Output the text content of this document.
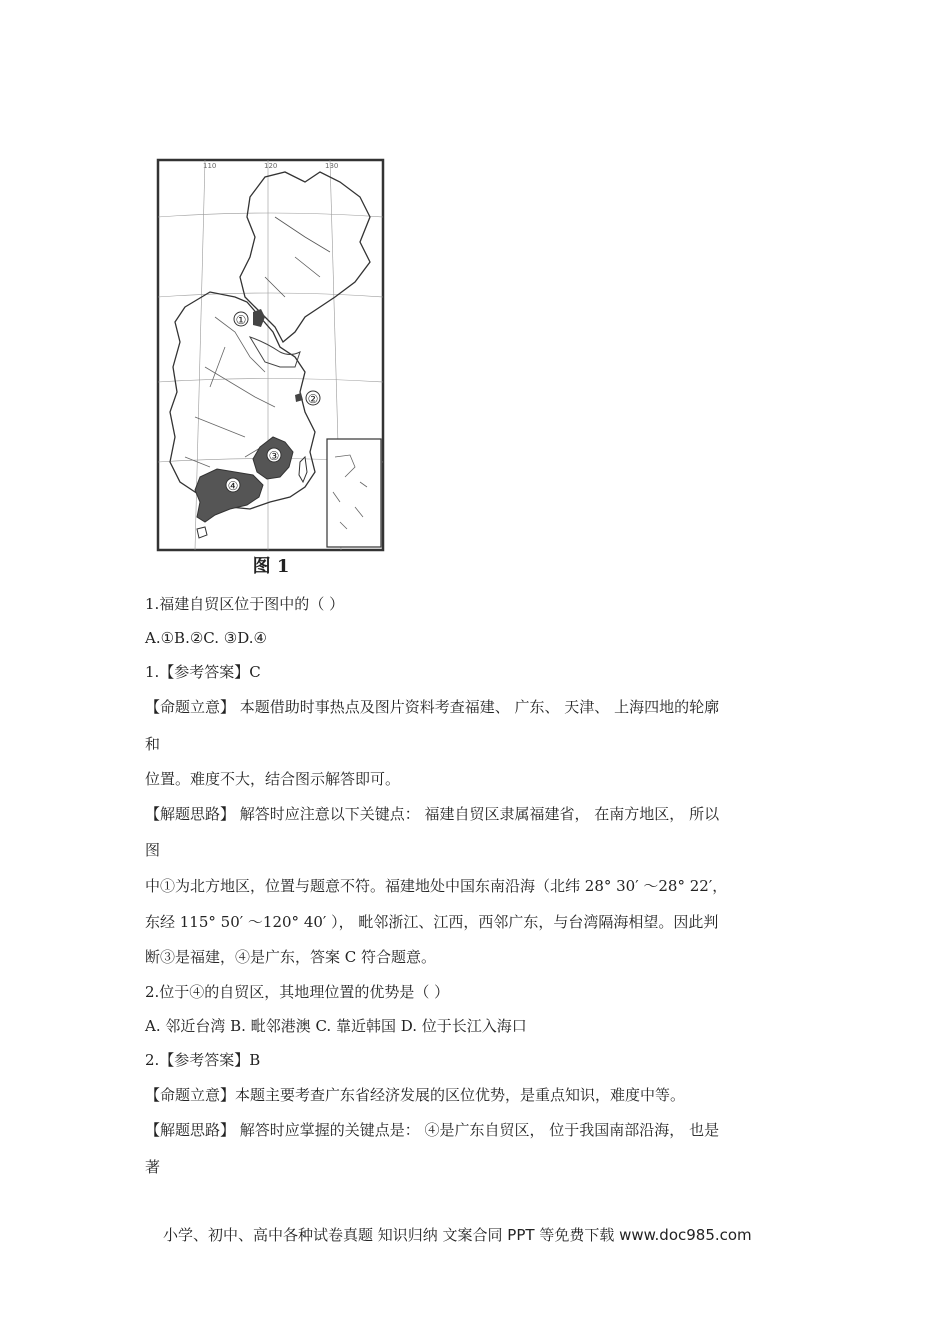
110	120	130
①
②
③
④
图 1
1.福建自贸区位于图中的（ ）
A.①B.②C. ③D.④
1.【参考答案】C
【命题立意】 本题借助时事热点及图片资料考查福建、 广东、 天津、 上海四地的轮廓
和
位置。难度不大，结合图示解答即可。
【解题思路】 解答时应注意以下关键点： 福建自贸区隶属福建省， 在南方地区， 所以
图
中①为北方地区，位置与题意不符。福建地处中国东南沿海（北纬 28° 30′ ～28° 22′，
东经 115° 50′ ～120° 40′ ）， 毗邻浙江、江西，西邻广东，与台湾隔海相望。因此判
断③是福建，④是广东，答案 C 符合题意。
2.位于④的自贸区，其地理位置的优势是（ ）
A. 邻近台湾 B. 毗邻港澳 C. 靠近韩国 D. 位于长江入海口
2.【参考答案】B
【命题立意】本题主要考查广东省经济发展的区位优势，是重点知识，难度中等。
【解题思路】 解答时应掌握的关键点是： ④是广东自贸区， 位于我国南部沿海， 也是
著
小学、初中、高中各种试卷真题 知识归纳 文案合同 PPT 等免费下载 www.doc985.com
